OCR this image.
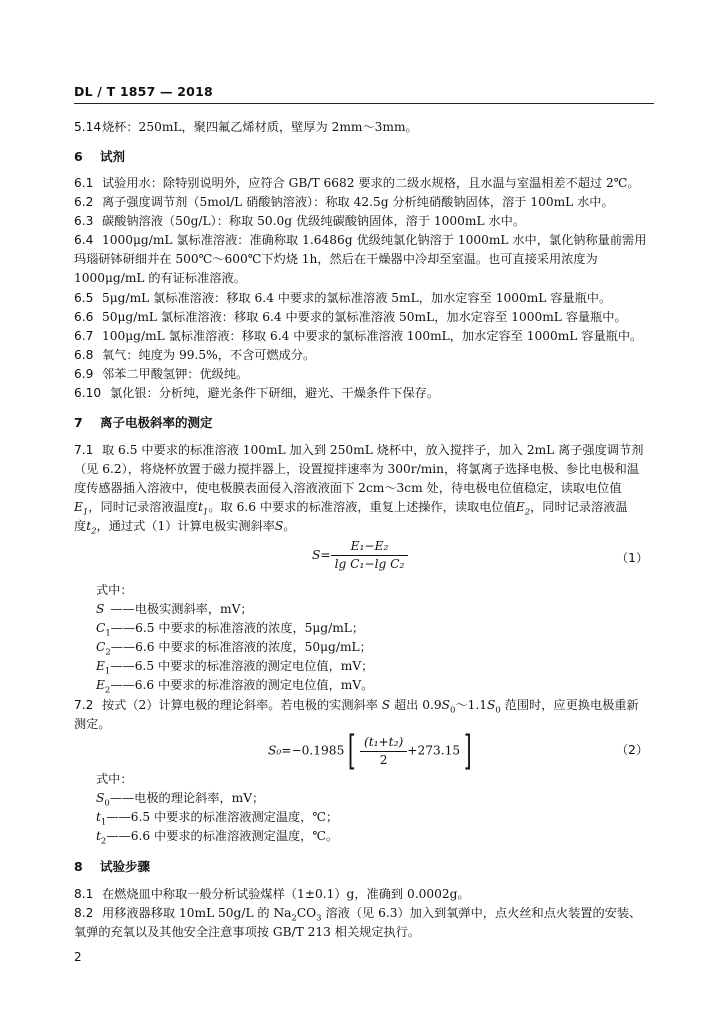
DL / T 1857 — 2018
5.14烧杯：250mL，聚四氟乙烯材质，壁厚为 2mm～3mm。
6 试剂
6.1 试验用水：除特别说明外，应符合 GB/T 6682 要求的二级水规格，且水温与室温相差不超过 2℃。
6.2 离子强度调节剂（5mol/L 硝酸钠溶液）：称取 42.5g 分析纯硝酸钠固体，溶于 100mL 水中。
6.3 碳酸钠溶液（50g/L）：称取 50.0g 优级纯碳酸钠固体，溶于 1000mL 水中。
6.4 1000μg/mL 氯标准溶液：准确称取 1.6486g 优级纯氯化钠溶于 1000mL 水中，氯化钠称量前需用
玛瑙研钵研细并在 500℃～600℃下灼烧 1h，然后在干燥器中冷却至室温。也可直接采用浓度为
1000μg/mL 的有证标准溶液。
6.5 5μg/mL 氯标准溶液：移取 6.4 中要求的氯标准溶液 5mL，加水定容至 1000mL 容量瓶中。
6.6 50μg/mL 氯标准溶液：移取 6.4 中要求的氯标准溶液 50mL，加水定容至 1000mL 容量瓶中。
6.7 100μg/mL 氯标准溶液：移取 6.4 中要求的氯标准溶液 100mL，加水定容至 1000mL 容量瓶中。
6.8 氧气：纯度为 99.5%，不含可燃成分。
6.9 邻苯二甲酸氢钾：优级纯。
6.10 氯化银：分析纯，避光条件下研细，避光、干燥条件下保存。
7 离子电极斜率的测定
7.1 取 6.5 中要求的标准溶液 100mL 加入到 250mL 烧杯中，放入搅拌子，加入 2mL 离子强度调节剂
（见 6.2），将烧杯放置于磁力搅拌器上，设置搅拌速率为 300r/min，将氯离子选择电极、参比电极和温
度传感器插入溶液中，使电极膜表面侵入溶液液面下 2cm～3cm 处，待电极电位值稳定，读取电位值
$E_1$，同时记录溶液温度$t_1$。取 6.6 中要求的标准溶液，重复上述操作，读取电位值$E_2$，同时记录溶液温
度$t_2$，通过式（1）计算电极实测斜率S。
$S= \frac{\text{E₁−E₂}}{\text{lg C₁−lg C₂}}$	（1）
式中：
S ——电极实测斜率，mV；
$C_1——6.5$ 中要求的标准溶液的浓度，5μg/mL；
$C_2——6.6$ 中要求的标准溶液的浓度，50μg/mL；
$E_1——6.5$ 中要求的标准溶液的测定电位值，mV；
$E_2——6.6$ 中要求的标准溶液的测定电位值，mV。
7.2 按式（2）计算电极的理论斜率。若电极的实测斜率 S 超出 $0.9S_0\sim 1.1S_0$ 范围时，应更换电极重新
测定。
$S_0=-0.1985[ \frac{\text{(t₁+t₂)}}{2} +273.15]$	（2）
式中：
$S_0——$电极的理论斜率，mV；
$t_1——6.5$ 中要求的标准溶液测定温度，℃；
$t_2——6.6$ 中要求的标准溶液测定温度，℃。
8 试验步骤
8.1 在燃烧皿中称取一般分析试验煤样（1±0.1）g，准确到 0.0002g。
8.2 用移液器移取 10mL 50g/L 的 $Na_2CO_3$ 溶液（见 6.3）加入到氧弹中，点火丝和点火装置的安装、
氧弹的充氧以及其他安全注意事项按 GB/T 213 相关规定执行。
2
